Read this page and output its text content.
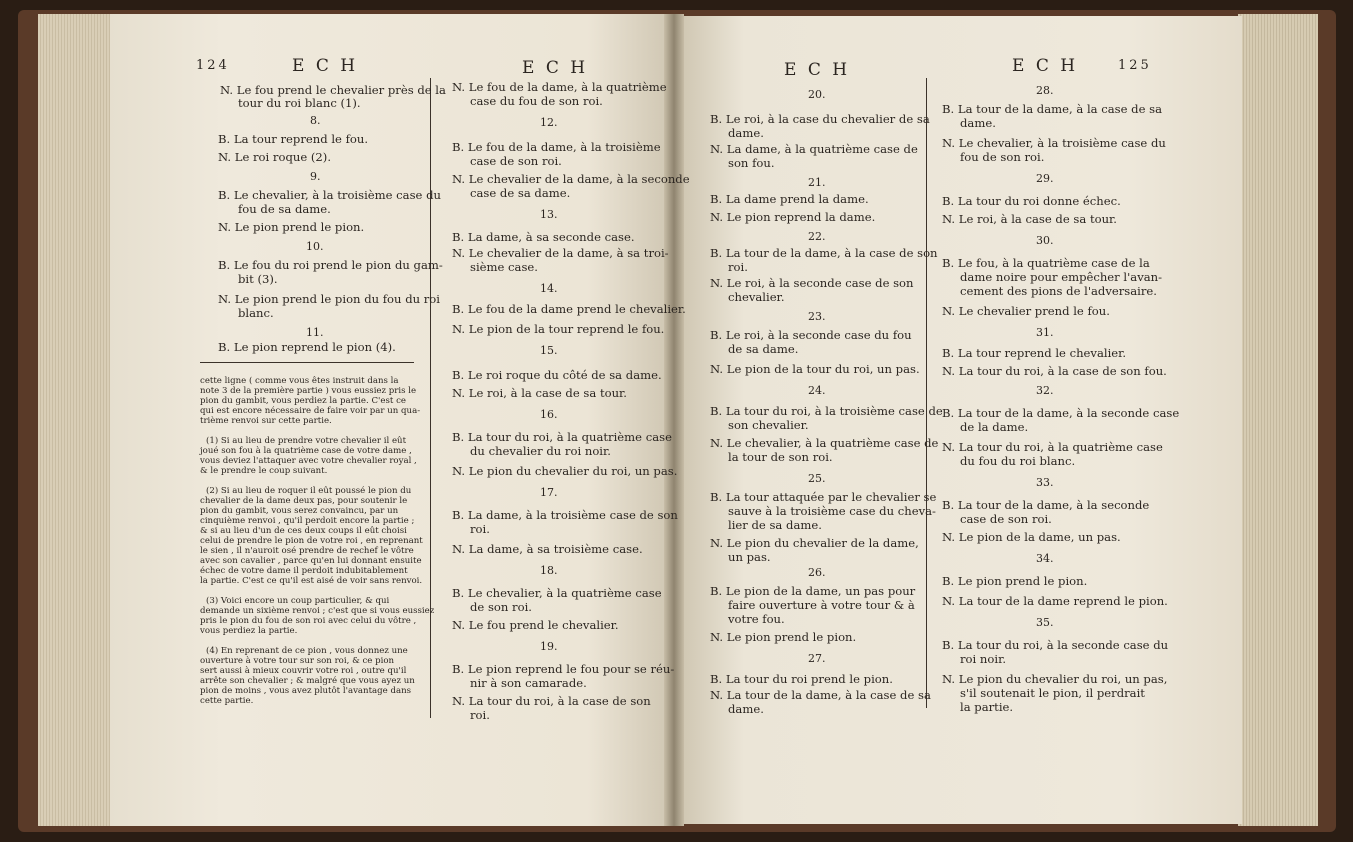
124	E C H	E C H	E C H	125
N. Le fou prend le chevalier près de la
tour du roi blanc (1).
8.
B. La tour reprend le fou.
N. Le roi roque (2).
9.
B. Le chevalier, à la troisième case du
fou de sa dame.
N. Le pion prend le pion.
10.
B. Le fou du roi prend le pion du gam-
bit (3).
N. Le pion prend le pion du fou du roi
blanc.
11.
B. Le pion reprend le pion (4).
cette ligne ( comme vous êtes instruit dans la
note 3 de la première partie ) vous eussiez pris le
pion du gambit, vous perdiez la partie. C'est ce
qui est encore nécessaire de faire voir par un qua-
trième renvoi sur cette partie.
(1) Si au lieu de prendre votre chevalier il eût
joué son fou à la quatrième case de votre dame ,
vous deviez l'attaquer avec votre chevalier royal ,
& le prendre le coup suivant.
(2) Si au lieu de roquer il eût poussé le pion du
chevalier de la dame deux pas, pour soutenir le
pion du gambit, vous serez convaincu, par un
cinquième renvoi , qu'il perdoit encore la partie ;
& si au lieu d'un de ces deux coups il eût choisi
celui de prendre le pion de votre roi , en reprenant
le sien , il n'auroit osé prendre de rechef le vôtre
avec son cavalier , parce qu'en lui donnant ensuite
échec de votre dame il perdoit indubitablement
la partie. C'est ce qu'il est aisé de voir sans renvoi.
(3) Voici encore un coup particulier, & qui
demande un sixième renvoi ; c'est que si vous eussiez
pris le pion du fou de son roi avec celui du vôtre ,
vous perdiez la partie.
(4) En reprenant de ce pion , vous donnez une
ouverture à votre tour sur son roi, & ce pion
sert aussi à mieux couvrir votre roi , outre qu'il
arrête son chevalier ; & malgré que vous ayez un
pion de moins , vous avez plutôt l'avantage dans
cette partie.
E C H
N. Le fou de la dame, à la quatrième
case du fou de son roi.
12.
B. Le fou de la dame, à la troisième
case de son roi.
N. Le chevalier de la dame, à la seconde
case de sa dame.
13.
B. La dame, à sa seconde case.
N. Le chevalier de la dame, à sa troi-
sième case.
14.
B. Le fou de la dame prend le chevalier.
N. Le pion de la tour reprend le fou.
15.
B. Le roi roque du côté de sa dame.
N. Le roi, à la case de sa tour.
16.
B. La tour du roi, à la quatrième case
du chevalier du roi noir.
N. Le pion du chevalier du roi, un pas.
17.
B. La dame, à la troisième case de son
roi.
N. La dame, à sa troisième case.
18.
B. Le chevalier, à la quatrième case
de son roi.
N. Le fou prend le chevalier.
19.
B. Le pion reprend le fou pour se réu-
nir à son camarade.
N. La tour du roi, à la case de son
roi.
20.
B. Le roi, à la case du chevalier de sa
dame.
N. La dame, à la quatrième case de
son fou.
21.
B. La dame prend la dame.
N. Le pion reprend la dame.
22.
B. La tour de la dame, à la case de son
roi.
N. Le roi, à la seconde case de son
chevalier.
23.
B. Le roi, à la seconde case du fou
de sa dame.
N. Le pion de la tour du roi, un pas.
24.
B. La tour du roi, à la troisième case de
son chevalier.
N. Le chevalier, à la quatrième case de
la tour de son roi.
25.
B. La tour attaquée par le chevalier se
sauve à la troisième case du cheva-
lier de sa dame.
N. Le pion du chevalier de la dame,
un pas.
26.
B. Le pion de la dame, un pas pour
faire ouverture à votre tour & à
votre fou.
N. Le pion prend le pion.
27.
B. La tour du roi prend le pion.
N. La tour de la dame, à la case de sa
dame.
28.
B. La tour de la dame, à la case de sa
dame.
N. Le chevalier, à la troisième case du
fou de son roi.
29.
B. La tour du roi donne échec.
N. Le roi, à la case de sa tour.
30.
B. Le fou, à la quatrième case de la
dame noire pour empêcher l'avan-
cement des pions de l'adversaire.
N. Le chevalier prend le fou.
31.
B. La tour reprend le chevalier.
N. La tour du roi, à la case de son fou.
32.
B. La tour de la dame, à la seconde case
de la dame.
N. La tour du roi, à la quatrième case
du fou du roi blanc.
33.
B. La tour de la dame, à la seconde
case de son roi.
N. Le pion de la dame, un pas.
34.
B. Le pion prend le pion.
N. La tour de la dame reprend le pion.
35.
B. La tour du roi, à la seconde case du
roi noir.
N. Le pion du chevalier du roi, un pas,
s'il soutenait le pion, il perdrait
la partie.
